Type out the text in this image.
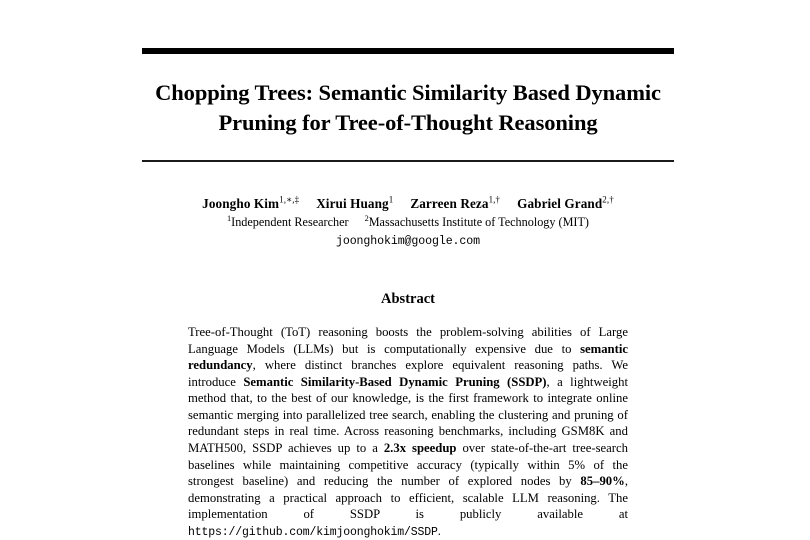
Chopping Trees: Semantic Similarity Based Dynamic
Pruning for Tree-of-Thought Reasoning
Joongho Kim$^{1,∗,\ddagger}$ Xirui Huang$^1$ Zarreen Reza$^{1,\dagger}$ Gabriel Grand$^{2,\dagger}$
$^1$Independent Researcher $^2$Massachusetts Institute of Technology (MIT)
joonghokim@google.com
Abstract
Tree-of-Thought (ToT) reasoning boosts the problem-solving abilities of Large Language Models (LLMs) but is computationally expensive due to semantic redundancy, where distinct branches explore equivalent reasoning paths. We introduce Semantic Similarity-Based Dynamic Pruning (SSDP), a lightweight method that, to the best of our knowledge, is the first framework to integrate online semantic merging into parallelized tree search, enabling the clustering and pruning of redundant steps in real time. Across reasoning benchmarks, including GSM8K and MATH500, SSDP achieves up to a 2.3x speedup over state-of-the-art tree-search baselines while maintaining competitive accuracy (typically within 5% of the strongest baseline) and reducing the number of explored nodes by 85–90%, demonstrating a practical approach to efficient, scalable LLM reasoning. The implementation of SSDP is publicly available at https://github.com/kimjoonghokim/SSDP.
